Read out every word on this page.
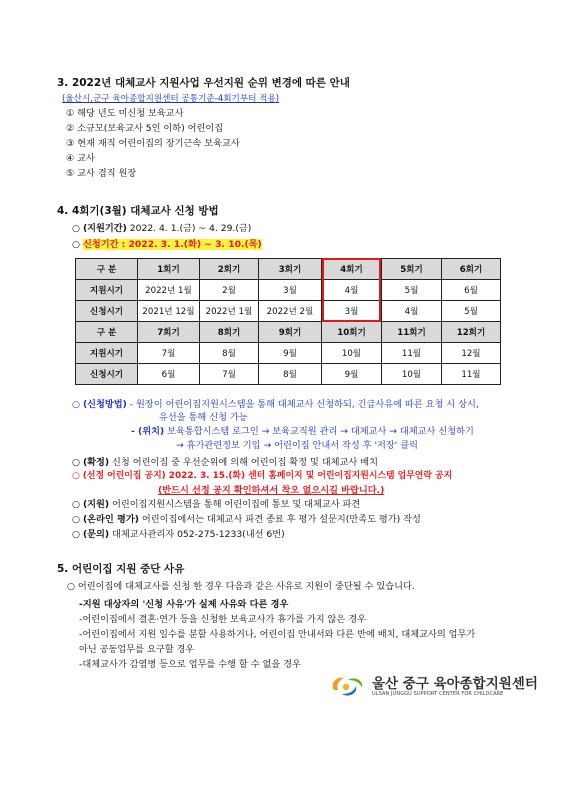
3. 2022년 대체교사 지원사업 우선지원 순위 변경에 따른 안내
(울산시,군구 육아종합지원센터 공통기준-4회기부터 적용)
① 해당 년도 미신청 보육교사
② 소규모(보육교사 5인 이하) 어린이집
③ 현재 재직 어린이집의 장기근속 보육교사
④ 교사
⑤ 교사 겸직 원장
4. 4회기(3월) 대체교사 신청 방법
○ (지원기간) 2022. 4. 1.(금) ~ 4. 29.(금)
○ 신청기간 : 2022. 3. 1.(화) ~ 3. 10.(목)
구 분	1회기	2회기	3회기	4회기	5회기	6회기
지원시기	2022년 1월	2월	3월	4월	5월	6월
신청시기	2021년 12월	2022년 1월	2022년 2월	3월	4월	5월
구 분	7회기	8회기	9회기	10회기	11회기	12회기
지원시기	7월	8월	9월	10월	11월	12월
신청시기	6월	7월	8월	9월	10월	11월
○ (신청방법) - 원장이 어린이집지원시스템을 통해 대체교사 신청하되, 긴급사유에 따른 요청 시 상시,
유선을 통해 신청 가능
- (위치) 보육통합시스템 로그인 → 보육교직원 관리 → 대체교사 → 대체교사 신청하기
→ 휴가관련정보 기입 → 어린이집 안내서 작성 후 '저장' 클릭
○ (확정) 신청 어린이집 중 우선순위에 의해 어린이집 확정 및 대체교사 배치
○ (선정 어린이집 공지) 2022. 3. 15.(화) 센터 홈페이지 및 어린이집지원시스템 업무연락 공지
(반드시 선정 공지 확인하셔서 착오 없으시길 바랍니다.)
○ (지원) 어린이집지원시스템을 통해 어린이집에 통보 및 대체교사 파견
○ (온라인 평가) 어린이집에서는 대체교사 파견 종료 후 평가 설문지(만족도 평가) 작성
○ (문의) 대체교사관리자 052-275-1233(내선 6번)
5. 어린이집 지원 중단 사유
○ 어린이집에 대체교사를 신청 한 경우 다음과 같은 사유로 지원이 중단될 수 있습니다.
-지원 대상자의 '신청 사유'가 실제 사유와 다른 경우
-어린이집에서 결혼·연가 등을 신청한 보육교사가 휴가를 가지 않은 경우
-어린이집에서 지원 일수를 분할 사용하거나, 어린이집 안내서와 다른 반에 배치, 대체교사의 업무가
아닌 공동업무를 요구할 경우
-대체교사가 감염병 등으로 업무를 수행 할 수 없을 경우
울산 중구 육아종합지원센터
ULSAN JUNGGU SUPPORT CENTER FOR CHILDCARE
